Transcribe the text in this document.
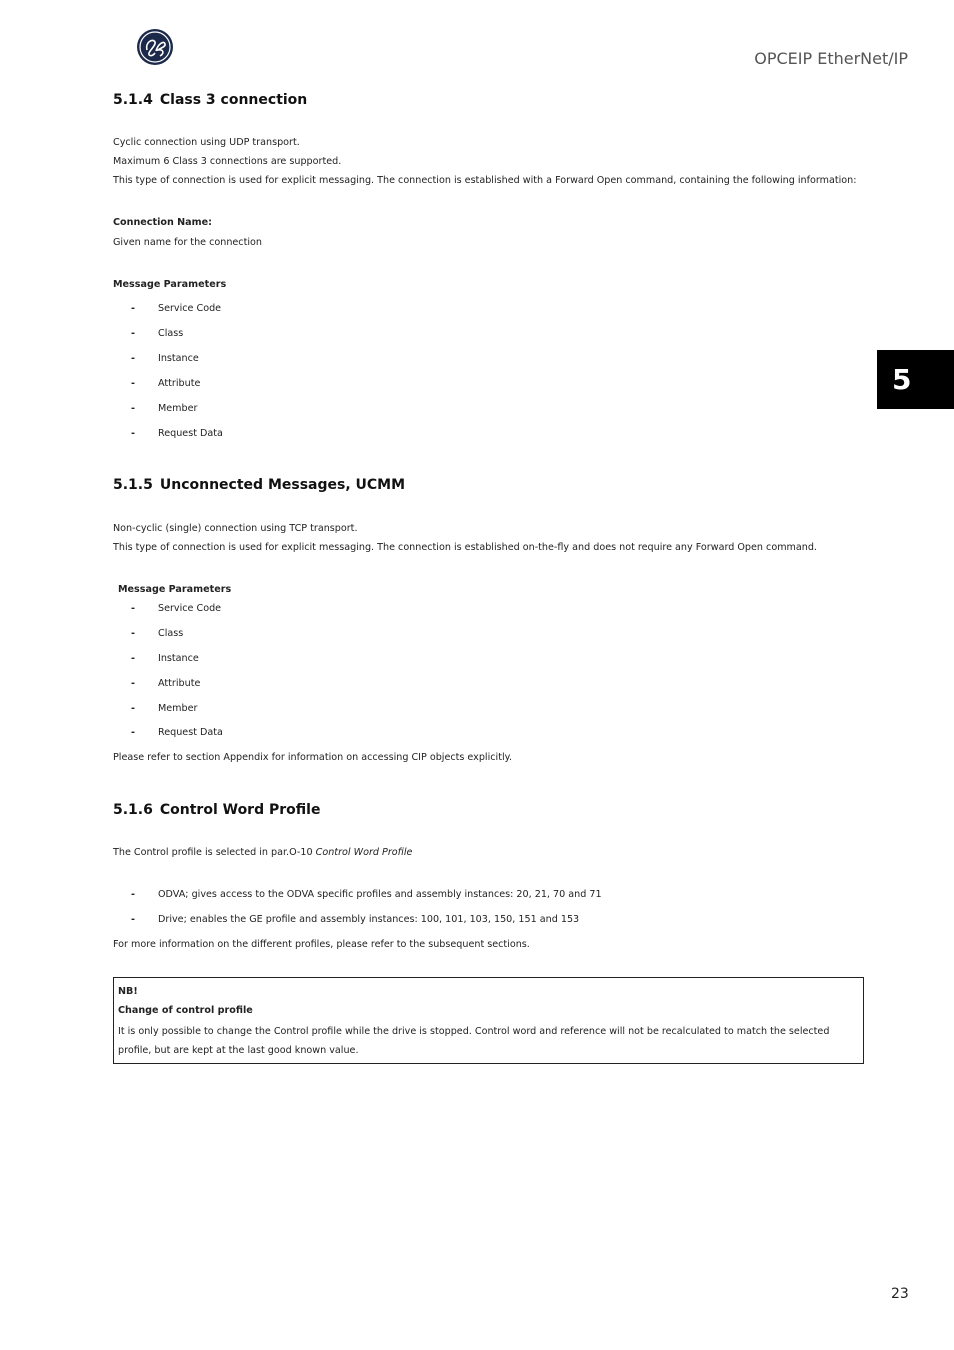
OPCEIP EtherNet/IP
5
5.1.4 Class 3 connection
Cyclic connection using UDP transport.
Maximum 6 Class 3 connections are supported.
This type of connection is used for explicit messaging. The connection is established with a Forward Open command, containing the following information:
Connection Name:
Given name for the connection
Message Parameters
- Service Code
- Class
- Instance
- Attribute
- Member
- Request Data
5.1.5 Unconnected Messages, UCMM
Non-cyclic (single) connection using TCP transport.
This type of connection is used for explicit messaging. The connection is established on-the-fly and does not require any Forward Open command.
Message Parameters
- Service Code
- Class
- Instance
- Attribute
- Member
- Request Data
Please refer to section Appendix for information on accessing CIP objects explicitly.
5.1.6 Control Word Profile
The Control profile is selected in par.O-10 Control Word Profile
- ODVA; gives access to the ODVA specific profiles and assembly instances: 20, 21, 70 and 71
- Drive; enables the GE profile and assembly instances: 100, 101, 103, 150, 151 and 153
For more information on the different profiles, please refer to the subsequent sections.
NB!
Change of control profile
It is only possible to change the Control profile while the drive is stopped. Control word and reference will not be recalculated to match the selected profile, but are kept at the last good known value.
23
